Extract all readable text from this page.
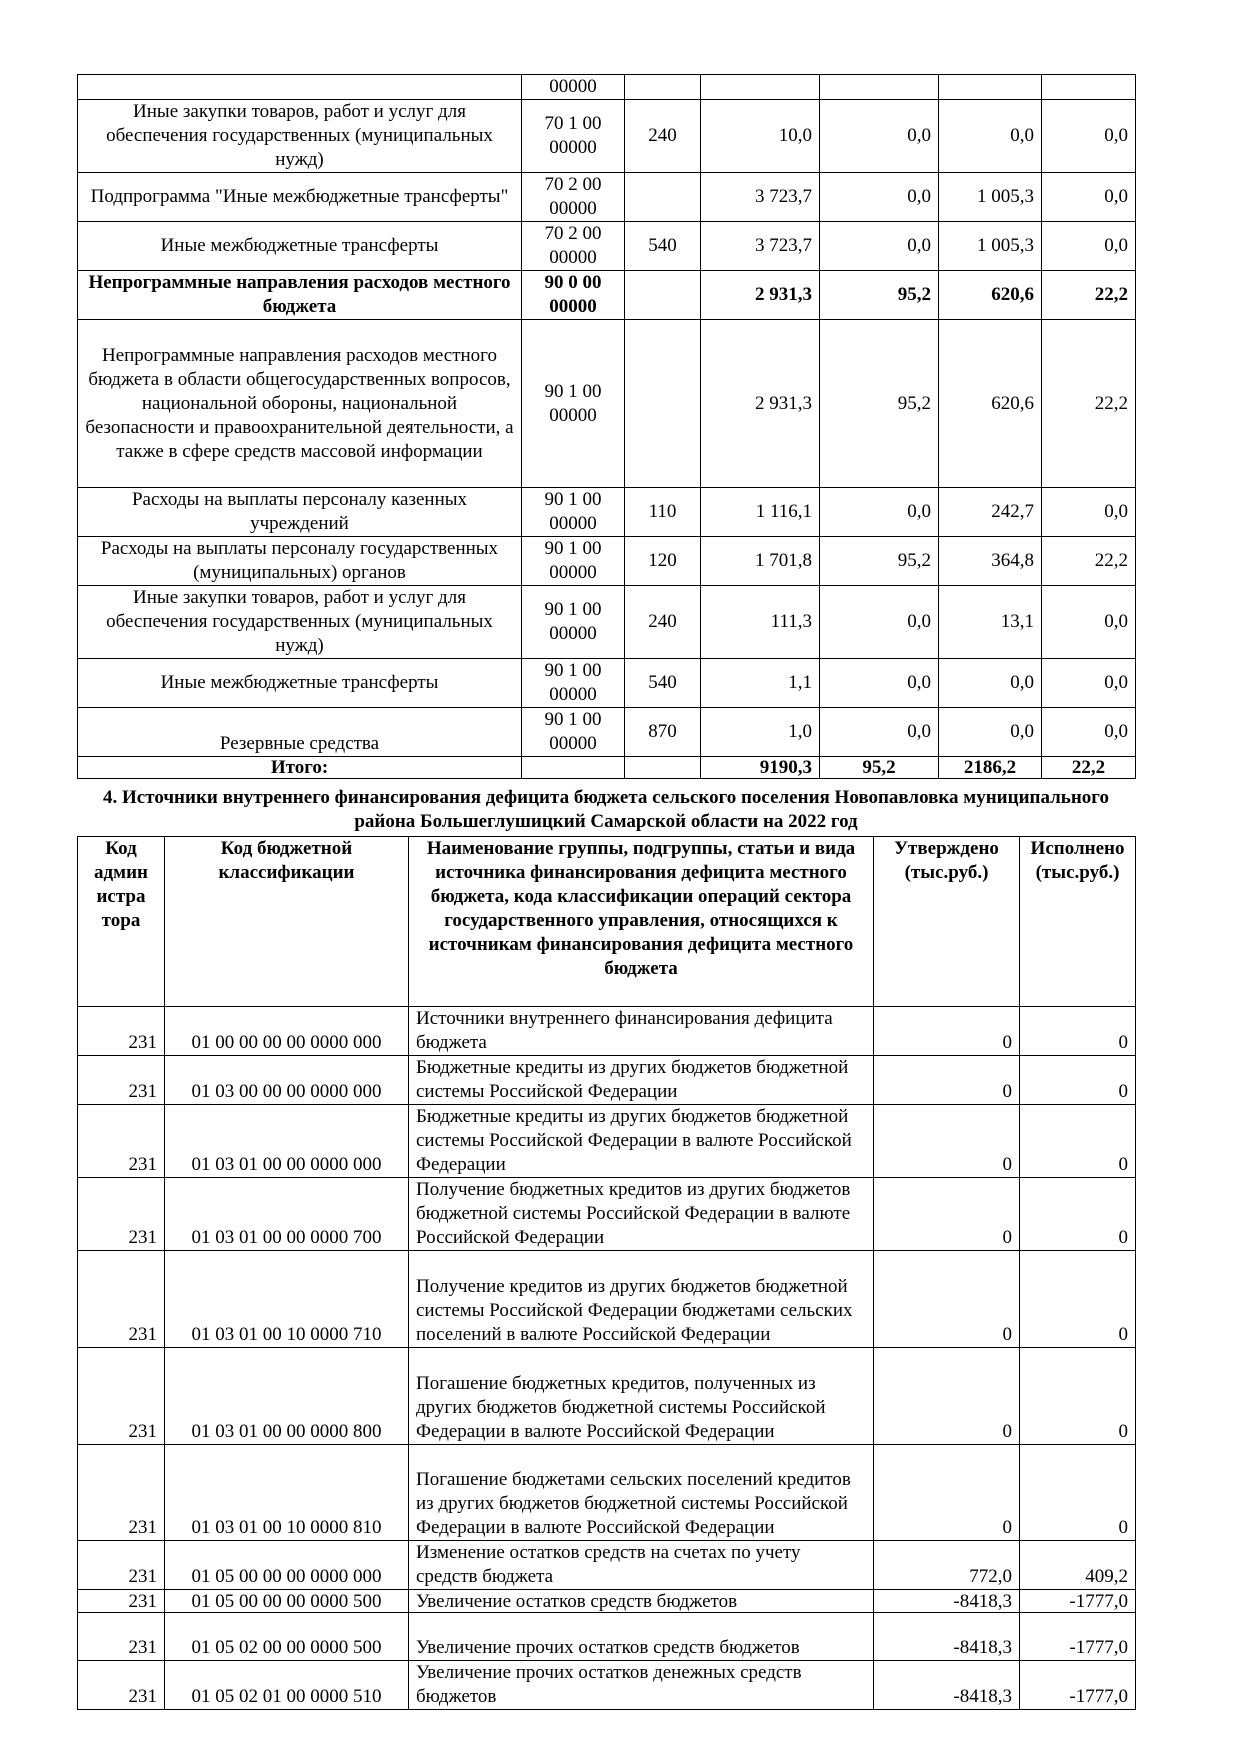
	00000					
Иные закупки товаров, работ и услуг для обеспечения государственных (муниципальных нужд)	70 1 00 00000	240	10,0	0,0	0,0	0,0
Подпрограмма "Иные межбюджетные трансферты"	70 2 00 00000		3 723,7	0,0	1 005,3	0,0
Иные межбюджетные трансферты	70 2 00 00000	540	3 723,7	0,0	1 005,3	0,0
Непрограммные направления расходов местного бюджета	90 0 00 00000		2 931,3	95,2	620,6	22,2
Непрограммные направления расходов местного бюджета в области общегосударственных вопросов, национальной обороны, национальной безопасности и правоохранительной деятельности, а также в сфере средств массовой информации	90 1 00 00000		2 931,3	95,2	620,6	22,2
Расходы на выплаты персоналу казенных учреждений	90 1 00 00000	110	1 116,1	0,0	242,7	0,0
Расходы на выплаты персоналу государственных (муниципальных) органов	90 1 00 00000	120	1 701,8	95,2	364,8	22,2
Иные закупки товаров, работ и услуг для обеспечения государственных (муниципальных нужд)	90 1 00 00000	240	111,3	0,0	13,1	0,0
Иные межбюджетные трансферты	90 1 00 00000	540	1,1	0,0	0,0	0,0
Резервные средства	90 1 00 00000	870	1,0	0,0	0,0	0,0
Итого:			9190,3	95,2	2186,2	22,2
4. Источники внутреннего финансирования дефицита бюджета сельского поселения Новопавловка муниципального района Большеглушицкий Самарской области на 2022 год
Код админ истра тора	Код бюджетной классификации	Наименование группы, подгруппы, статьи и вида источника финансирования дефицита местного бюджета, кода классификации операций сектора государственного управления, относящихся к источникам финансирования дефицита местного бюджета	Утверждено (тыс.руб.)	Исполнено (тыс.руб.)
231	01 00 00 00 00 0000 000	Источники внутреннего финансирования дефицита бюджета	0	0
231	01 03 00 00 00 0000 000	Бюджетные кредиты из других бюджетов бюджетной системы Российской Федерации	0	0
231	01 03 01 00 00 0000 000	Бюджетные кредиты из других бюджетов бюджетной системы Российской Федерации в валюте Российской Федерации	0	0
231	01 03 01 00 00 0000 700	Получение бюджетных кредитов из других бюджетов бюджетной системы Российской Федерации в валюте Российской Федерации	0	0
231	01 03 01 00 10 0000 710	Получение кредитов из других бюджетов бюджетной системы Российской Федерации бюджетами сельских поселений в валюте Российской Федерации	0	0
231	01 03 01 00 00 0000 800	Погашение бюджетных кредитов, полученных из других бюджетов бюджетной системы Российской Федерации в валюте Российской Федерации	0	0
231	01 03 01 00 10 0000 810	Погашение бюджетами сельских поселений кредитов из других бюджетов бюджетной системы Российской Федерации в валюте Российской Федерации	0	0
231	01 05 00 00 00 0000 000	Изменение остатков средств на счетах по учету средств бюджета	772,0	409,2
231	01 05 00 00 00 0000 500	Увеличение остатков средств бюджетов	-8418,3	-1777,0
231	01 05 02 00 00 0000 500	Увеличение прочих остатков средств бюджетов	-8418,3	-1777,0
231	01 05 02 01 00 0000 510	Увеличение прочих остатков денежных средств бюджетов	-8418,3	-1777,0
